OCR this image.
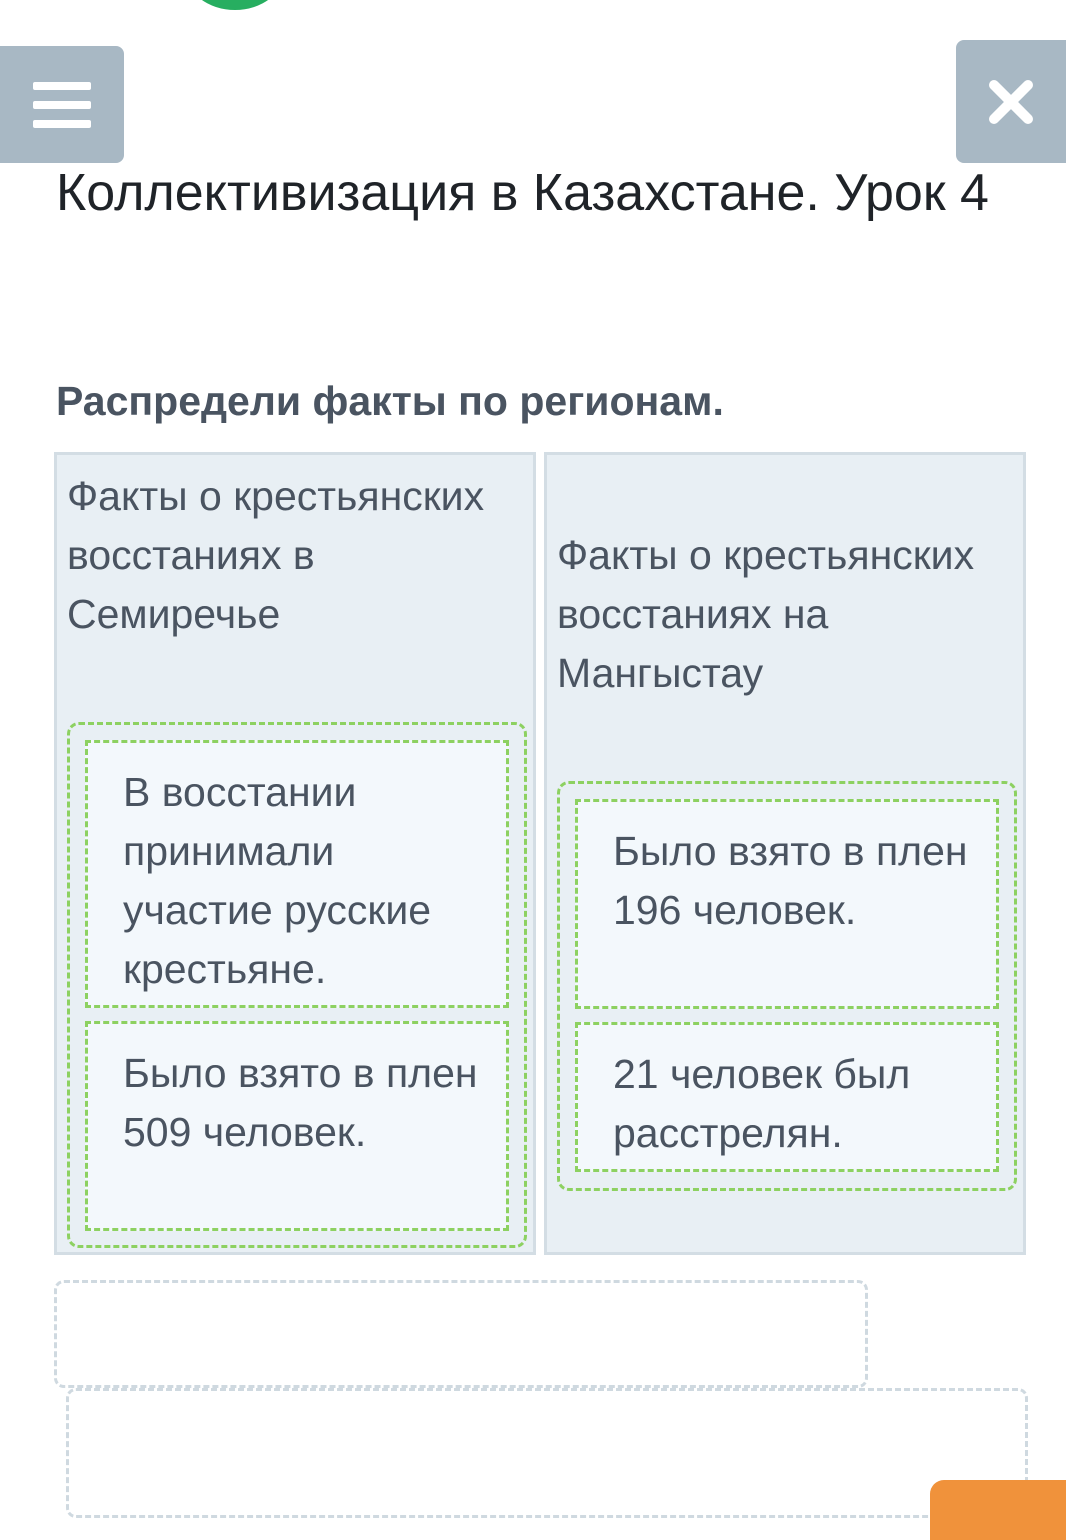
Коллективизация в Казахстане. Урок 4

Распредели факты по регионам.

Факты о крестьянских восстаниях в Семиречье
В восстании принимали участие русские крестьяне.
Было взято в плен 509 человек.
Факты о крестьянских восстаниях на Мангыстау
Было взято в плен 196 человек.
21 человек был расстрелян.
